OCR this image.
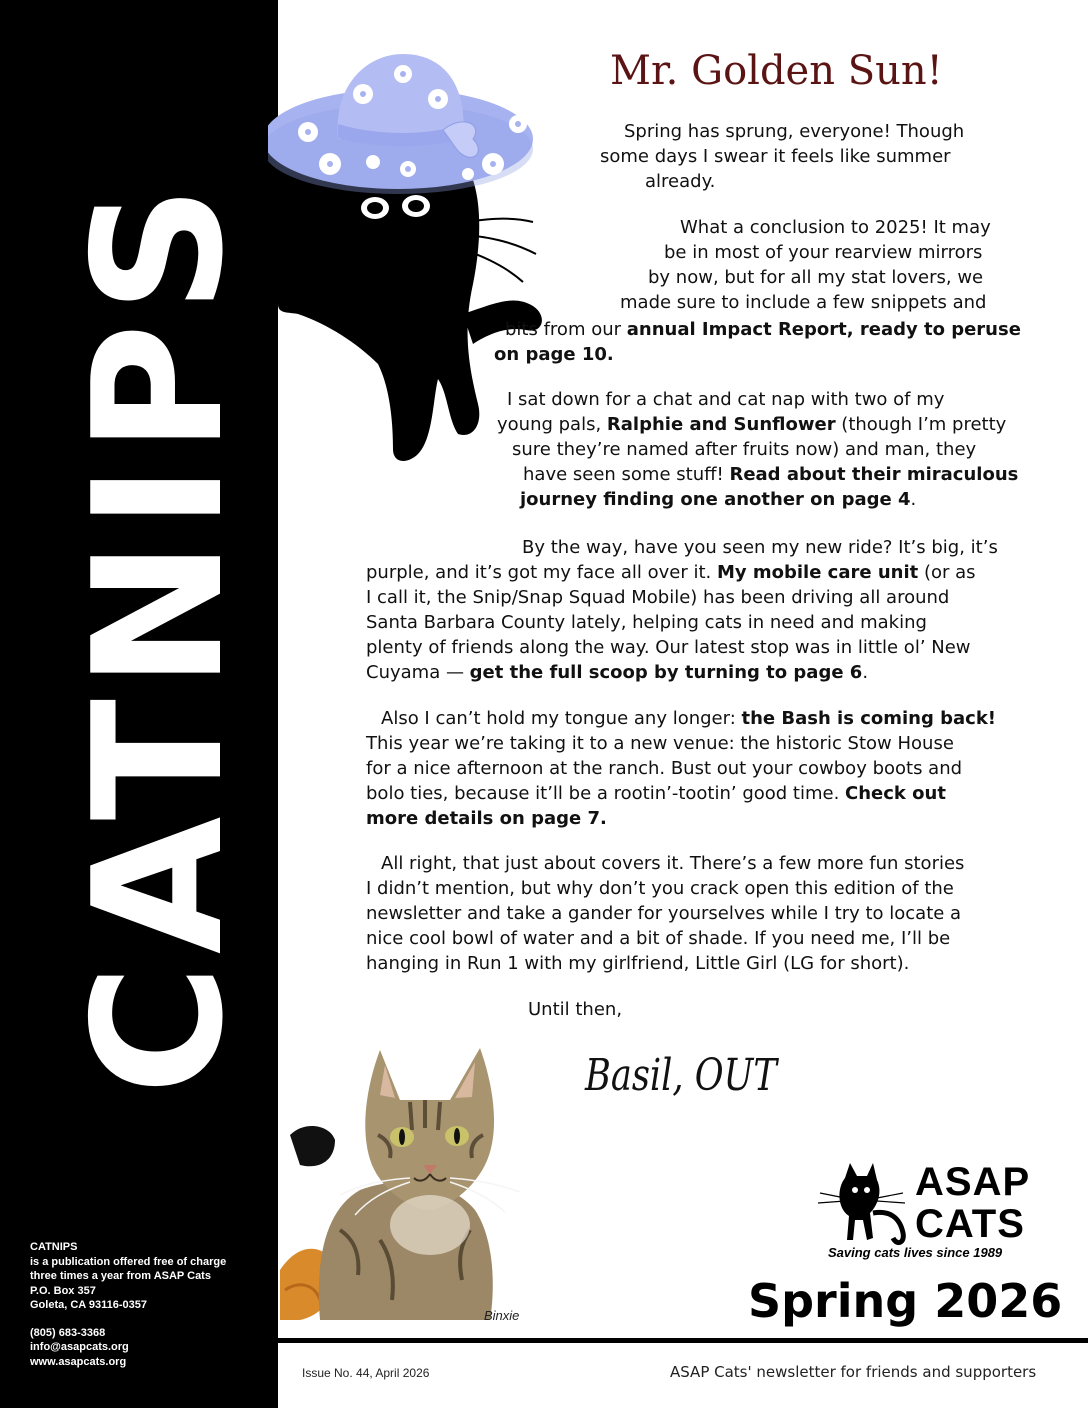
CATNIPS
CATNIPS
is a publication offered free of charge
three times a year from ASAP Cats
P.O. Box 357
Goleta, CA 93116-0357
(805) 683-3368
info@asapcats.org
www.asapcats.org
Mr. Golden Sun!

Spring has sprung, everyone! Though

some days I swear it feels like summer

already.

What a conclusion to 2025! It may

be in most of your rearview mirrors

by now, but for all my stat lovers, we

made sure to include a few snippets and

bits from our annual Impact Report, ready to peruse

on page 10.

I sat down for a chat and cat nap with two of my

young pals, Ralphie and Sunflower (though I’m pretty

sure they’re named after fruits now) and man, they

have seen some stuff! Read about their miraculous

journey finding one another on page 4.

By the way, have you seen my new ride? It’s big, it’s

purple, and it’s got my face all over it. My mobile care unit (or as

I call it, the Snip/Snap Squad Mobile) has been driving all around

Santa Barbara County lately, helping cats in need and making

plenty of friends along the way. Our latest stop was in little ol’ New

Cuyama — get the full scoop by turning to page 6.

Also I can’t hold my tongue any longer: the Bash is coming back!

This year we’re taking it to a new venue: the historic Stow House

for a nice afternoon at the ranch. Bust out your cowboy boots and

bolo ties, because it’ll be a rootin’-tootin’ good time. Check out

more details on page 7.

All right, that just about covers it. There’s a few more fun stories

I didn’t mention, but why don’t you crack open this edition of the

newsletter and take a gander for yourselves while I try to locate a

nice cool bowl of water and a bit of shade. If you need me, I’ll be

hanging in Run 1 with my girlfriend, Little Girl (LG for short).

Until then,

Basil, OUT
Binxie
ASAP
CATS
Saving cats lives since 1989
Spring 2026
Issue No. 44, April 2026	ASAP Cats' newsletter for friends and supporters
